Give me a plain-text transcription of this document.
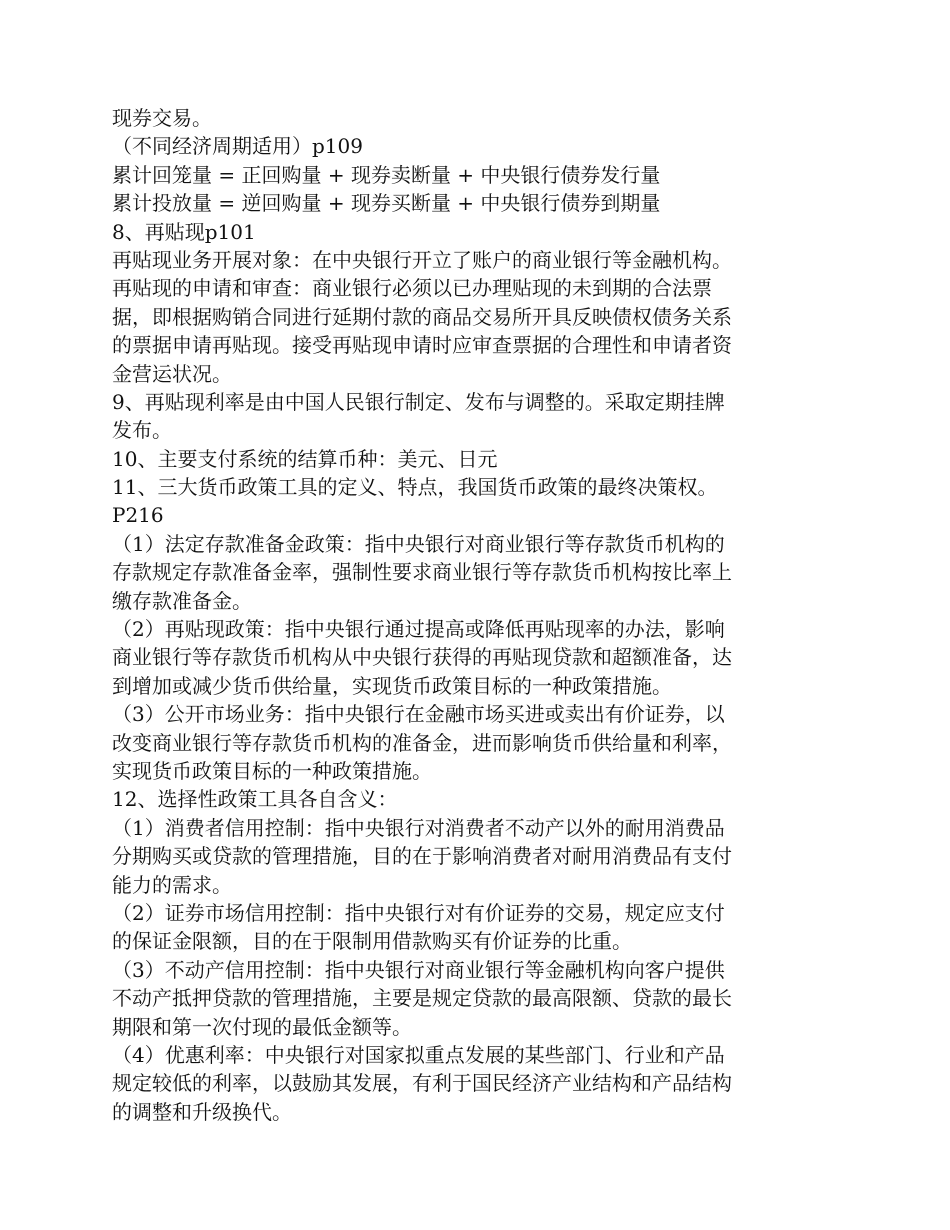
现券交易。
（不同经济周期适用）p109
累计回笼量 = 正回购量 + 现券卖断量 + 中央银行债券发行量
累计投放量 = 逆回购量 + 现券买断量 + 中央银行债券到期量
8、再贴现p101
再贴现业务开展对象：在中央银行开立了账户的商业银行等金融机构。
再贴现的申请和审查：商业银行必须以已办理贴现的未到期的合法票
据，即根据购销合同进行延期付款的商品交易所开具反映债权债务关系
的票据申请再贴现。接受再贴现申请时应审查票据的合理性和申请者资
金营运状况。
9、再贴现利率是由中国人民银行制定、发布与调整的。采取定期挂牌
发布。
10、主要支付系统的结算币种：美元、日元
11、三大货币政策工具的定义、特点，我国货币政策的最终决策权。
P216
（1）法定存款准备金政策：指中央银行对商业银行等存款货币机构的
存款规定存款准备金率，强制性要求商业银行等存款货币机构按比率上
缴存款准备金。
（2）再贴现政策：指中央银行通过提高或降低再贴现率的办法，影响
商业银行等存款货币机构从中央银行获得的再贴现贷款和超额准备，达
到增加或减少货币供给量，实现货币政策目标的一种政策措施。
（3）公开市场业务：指中央银行在金融市场买进或卖出有价证券，以
改变商业银行等存款货币机构的准备金，进而影响货币供给量和利率，
实现货币政策目标的一种政策措施。
12、选择性政策工具各自含义：
（1）消费者信用控制：指中央银行对消费者不动产以外的耐用消费品
分期购买或贷款的管理措施，目的在于影响消费者对耐用消费品有支付
能力的需求。
（2）证券市场信用控制：指中央银行对有价证券的交易，规定应支付
的保证金限额，目的在于限制用借款购买有价证券的比重。
（3）不动产信用控制：指中央银行对商业银行等金融机构向客户提供
不动产抵押贷款的管理措施，主要是规定贷款的最高限额、贷款的最长
期限和第一次付现的最低金额等。
（4）优惠利率：中央银行对国家拟重点发展的某些部门、行业和产品
规定较低的利率，以鼓励其发展，有利于国民经济产业结构和产品结构
的调整和升级换代。
